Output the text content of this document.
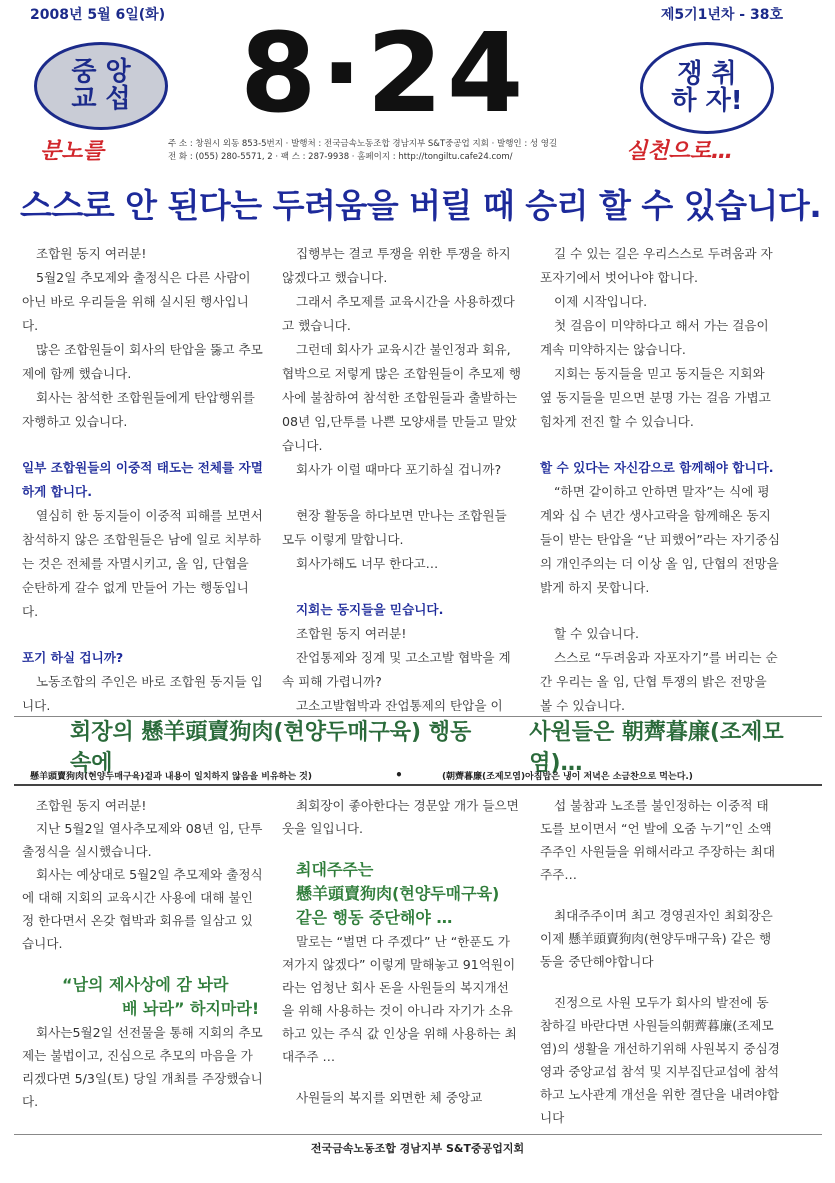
2008년 5월 6일(화)	제5기1년차 - 38호
중 앙
교 섭 8·24	쟁 취
하 자!
분노를	주 소 : 창원시 외동 853-5번지 · 발행처 : 전국금속노동조합 경남지부 S&T중공업 지회 · 발행인 : 성 영길
전 화 : (055) 280-5571, 2 · 팩 스 : 287-9938 · 홈페이지 : http://tongiltu.cafe24.com/	실천으로…
스스로 안 된다는 두려움을 버릴 때 승리 할 수 있습니다.

조합원 동지 여러분!

5월2일 추모제와 출정식은 다른 사람이 아닌 바로 우리들을 위해 실시된 행사입니다.

많은 조합원들이 회사의 탄압을 뚫고 추모제에 함께 했습니다.

회사는 참석한 조합원들에게 탄압행위를 자행하고 있습니다.

일부 조합원들의 이중적 태도는 전체를 자멸하게 합니다.

열심히 한 동지들이 이중적 피해를 보면서 참석하지 않은 조합원들은 남에 일로 치부하는 것은 전체를 자멸시키고, 올 임, 단협을 순탄하게 갈수 없게 만들어 가는 행동입니다.

포기 하실 겁니까?

노동조합의 주인은 바로 조합원 동지들 입니다.

집행부는 결코 투쟁을 위한 투쟁을 하지 않겠다고 했습니다.

그래서 추모제를 교육시간을 사용하겠다고 했습니다.

그런데 회사가 교육시간 불인정과 회유, 협박으로 저렇게 많은 조합원들이 추모제 행사에 불참하여 참석한 조합원들과 출발하는 08년 임,단투를 나쁜 모양새를 만들고 말았습니다.

회사가 이럴 때마다 포기하실 겁니까?

현장 활동을 하다보면 만나는 조합원들 모두 이렇게 말합니다.

회사가해도 너무 한다고…

지회는 동지들을 믿습니다.

조합원 동지 여러분!

잔업통제와 징계 및 고소고발 협박을 계속 피해 가렵니까?

고소고발협박과 잔업통제의 탄압을 이

길 수 있는 길은 우리스스로 두려움과 자포자기에서 벗어나야 합니다.

이제 시작입니다.

첫 걸음이 미약하다고 해서 가는 걸음이 계속 미약하지는 않습니다.

지회는 동지들을 믿고 동지들은 지회와 옆 동지들을 믿으면 분명 가는 걸음 가볍고 힘차게 전진 할 수 있습니다.

할 수 있다는 자신감으로 함께해야 합니다.

“하면 같이하고 안하면 말자”는 식에 평계와 십 수 년간 생사고락을 함께해온 동지들이 받는 탄압을 “난 피했어”라는 자기중심의 개인주의는 더 이상 올 임, 단협의 전망을 밝게 하지 못합니다.

할 수 있습니다.

스스로 “두려움과 자포자기”를 버리는 순간 우리는 올 임, 단협 투쟁의 밝은 전망을 볼 수 있습니다.

회장의 懸羊頭賣狗肉(현양두매구육) 행동속에
사원들은 朝薺暮廉(조제모염)…
懸羊頭賣狗肉(현양두매구육)겉과 내용이 일치하지 않음을 비유하는 것)	•	(朝薺暮廉(조제모염)아침밥은 냉이 저녁은 소금찬으로 먹는다.)

조합원 동지 여러분!

지난 5월2일 열사추모제와 08년 임, 단투 출정식을 실시했습니다.

회사는 예상대로 5월2일 추모제와 출정식에 대해 지회의 교육시간 사용에 대해 불인정 한다면서 온갖 협박과 회유를 일삼고 있습니다.

“남의 제사상에 감 놔라

배 놔라” 하지마라!

회사는5월2일 선전물을 통해 지회의 추모제는 불법이고, 진심으로 추모의 마음을 가리겠다면 5/3일(토) 당일 개최를 주장했습니다.

최회장이 좋아한다는 경문앞 개가 들으면 웃을 일입니다.

최대주주는

懸羊頭賣狗肉(현양두매구육)

같은 행동 중단해야 …

말로는 “벌면 다 주겠다” 난 “한푼도 가져가지 않겠다” 이렇게 말해놓고 91억원이라는 엄청난 회사 돈을 사원들의 복지개선을 위해 사용하는 것이 아니라 자기가 소유하고 있는 주식 값 인상을 위해 사용하는 최대주주 …

사원들의 복지를 외면한 체 중앙교

섭 불참과 노조를 불인정하는 이중적 태도를 보이면서 “언 발에 오줌 누기”인 소액 주주인 사원들을 위해서라고 주장하는 최대주주…

최대주주이며 최고 경영권자인 최회장은 이제 懸羊頭賣狗肉(현양두매구육) 같은 행동을 중단해야합니다

진정으로 사원 모두가 회사의 발전에 동참하길 바란다면 사원들의朝薺暮廉(조제모염)의 생활을 개선하기위해 사원복지 중심경영과 중앙교섭 참석 및 지부집단교섭에 참석하고 노사관계 개선을 위한 결단을 내려야합니다

전국금속노동조합 경남지부 S&T중공업지회
